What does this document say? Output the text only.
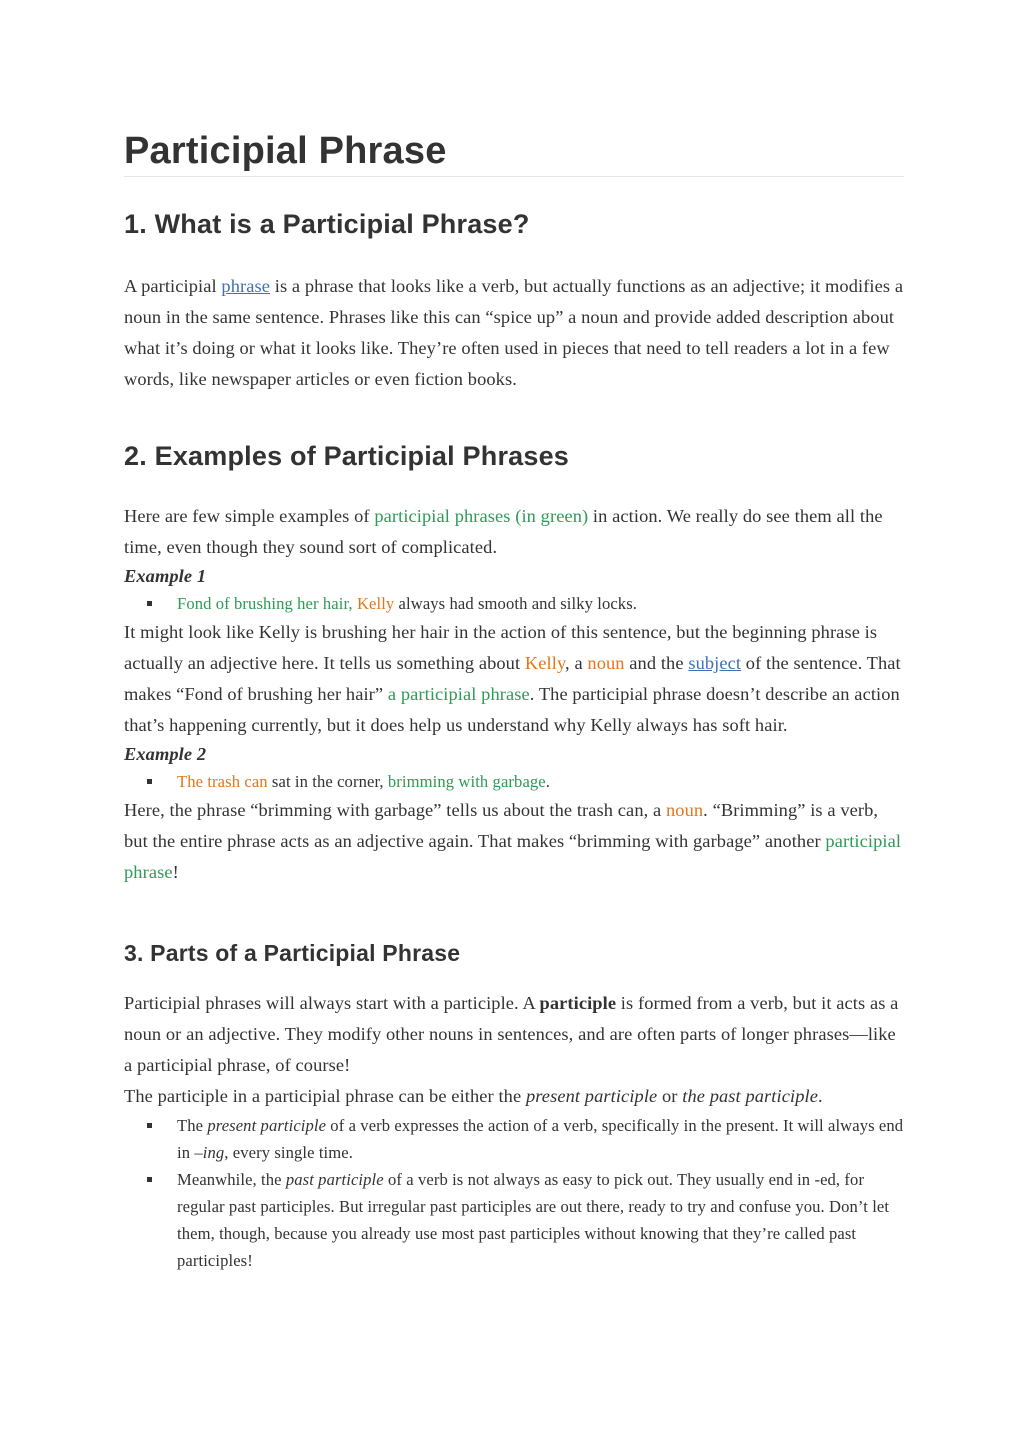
Participial Phrase
1. What is a Participial Phrase?

A participial phrase is a phrase that looks like a verb, but actually functions as an adjective; it modifies a noun in the same sentence. Phrases like this can “spice up” a noun and provide added description about what it’s doing or what it looks like. They’re often used in pieces that need to tell readers a lot in a few words, like newspaper articles or even fiction books.

2. Examples of Participial Phrases

Here are few simple examples of participial phrases (in green) in action. We really do see them all the time, even though they sound sort of complicated.

Example 1
Fond of brushing her hair, Kelly always had smooth and silky locks.

It might look like Kelly is brushing her hair in the action of this sentence, but the beginning phrase is actually an adjective here. It tells us something about Kelly, a noun and the subject of the sentence. That makes “Fond of brushing her hair” a participial phrase. The participial phrase doesn’t describe an action that’s happening currently, but it does help us understand why Kelly always has soft hair.

Example 2
The trash can sat in the corner, brimming with garbage.

Here, the phrase “brimming with garbage” tells us about the trash can, a noun. “Brimming” is a verb, but the entire phrase acts as an adjective again. That makes “brimming with garbage” another participial phrase!

3. Parts of a Participial Phrase

Participial phrases will always start with a participle. A participle is formed from a verb, but it acts as a noun or an adjective. They modify other nouns in sentences, and are often parts of longer phrases—like a participial phrase, of course!

The participle in a participial phrase can be either the present participle or the past participle.

The present participle of a verb expresses the action of a verb, specifically in the present. It will always end in –ing, every single time.
Meanwhile, the past participle of a verb is not always as easy to pick out. They usually end in -ed, for regular past participles. But irregular past participles are out there, ready to try and confuse you. Don’t let them, though, because you already use most past participles without knowing that they’re called past participles!
